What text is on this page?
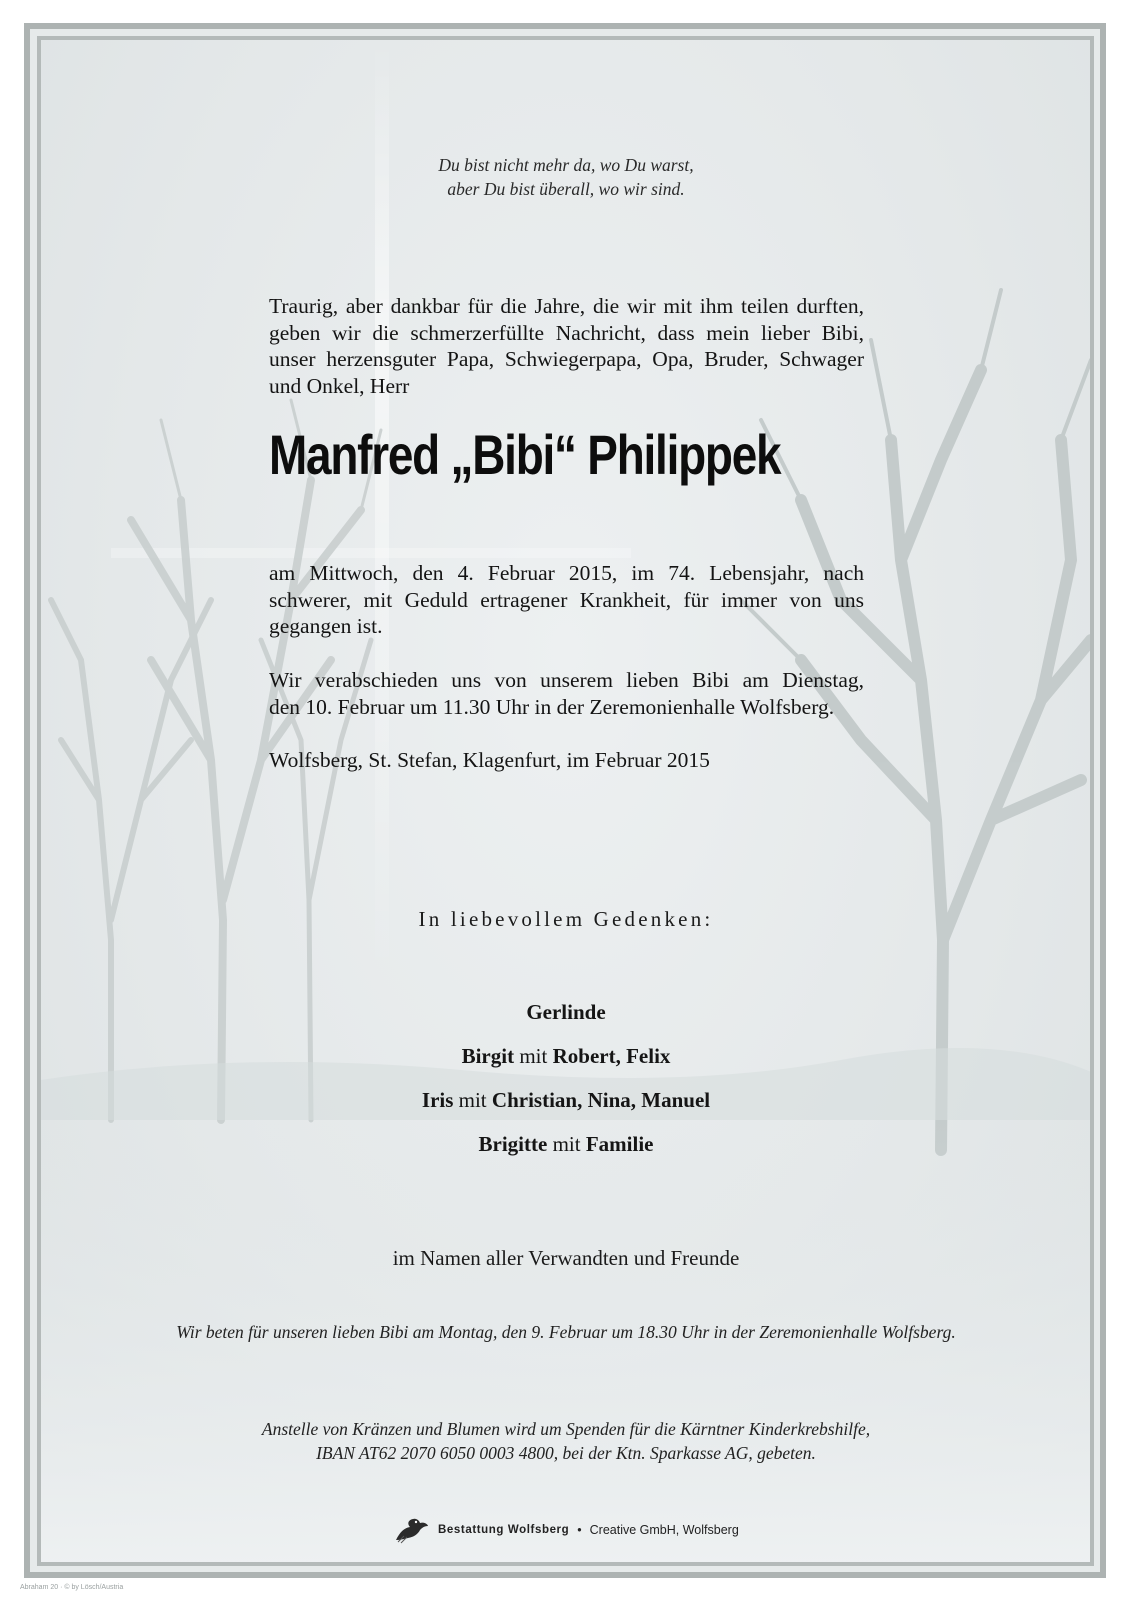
Du bist nicht mehr da, wo Du warst,
aber Du bist überall, wo wir sind.
Traurig, aber dankbar für die Jahre, die wir mit ihm teilen durften,
geben wir die schmerzerfüllte Nachricht, dass mein lieber Bibi,
unser herzensguter Papa, Schwiegerpapa, Opa, Bruder, Schwager
und Onkel, Herr
Manfred „Bibi“ Philippek
am Mittwoch, den 4. Februar 2015, im 74. Lebensjahr, nach
schwerer, mit Geduld ertragener Krankheit, für immer von uns
gegangen ist.
Wir verabschieden uns von unserem lieben Bibi am Dienstag,
den 10. Februar um 11.30 Uhr in der Zeremonienhalle Wolfsberg.
Wolfsberg, St. Stefan, Klagenfurt, im Februar 2015
In liebevollem Gedenken:
Gerlinde
Birgit mit Robert, Felix
Iris mit Christian, Nina, Manuel
Brigitte mit Familie
im Namen aller Verwandten und Freunde
Wir beten für unseren lieben Bibi am Montag, den 9. Februar um 18.30 Uhr in der Zeremonienhalle Wolfsberg.
Anstelle von Kränzen und Blumen wird um Spenden für die Kärntner Kinderkrebshilfe,
IBAN AT62 2070 6050 0003 4800, bei der Ktn. Sparkasse AG, gebeten.
Bestattung Wolfsberg • Creative GmbH, Wolfsberg
Abraham 20 · © by Lösch/Austria
